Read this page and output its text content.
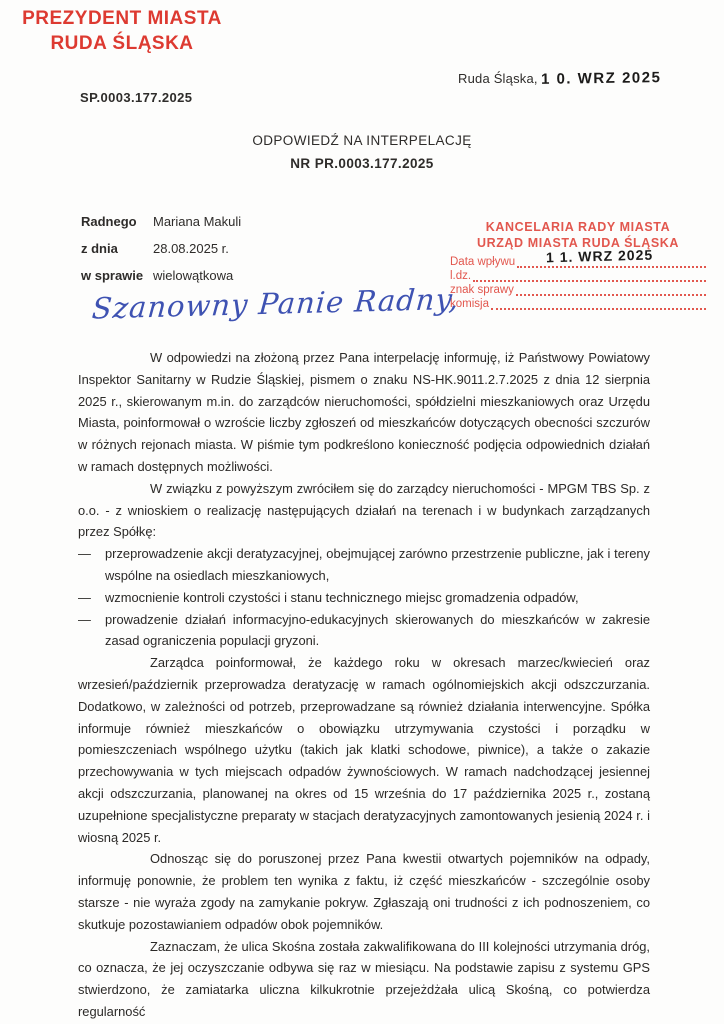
PREZYDENT MIASTA
RUDA ŚLĄSKA
Ruda Śląska, 1 0. WRZ 2025
SP.0003.177.2025
ODPOWIEDŹ NA INTERPELACJĘ
NR PR.0003.177.2025
Radnego	Mariana Makuli
z dnia	28.08.2025 r.
w sprawie wielowątkowa
KANCELARIA RADY MIASTA
URZĄD MIASTA RUDA ŚLĄSKA
Data wpływu
l.dz.
znak sprawy
komisja
1 1. WRZ 2025
Szanowny Panie Radny,

W odpowiedzi na złożoną przez Pana interpelację informuję, iż Państwowy Powiatowy Inspektor Sanitarny w Rudzie Śląskiej, pismem o znaku NS-HK.9011.2.7.2025 z dnia 12 sierpnia 2025 r., skierowanym m.in. do zarządców nieruchomości, spółdzielni mieszkaniowych oraz Urzędu Miasta, poinformował o wzroście liczby zgłoszeń od mieszkańców dotyczących obecności szczurów w różnych rejonach miasta. W piśmie tym podkreślono konieczność podjęcia odpowiednich działań w ramach dostępnych możliwości.

W związku z powyższym zwróciłem się do zarządcy nieruchomości - MPGM TBS Sp. z o.o. - z wnioskiem o realizację następujących działań na terenach i w budynkach zarządzanych przez Spółkę:

— przeprowadzenie akcji deratyzacyjnej, obejmującej zarówno przestrzenie publiczne, jak i tereny wspólne na osiedlach mieszkaniowych,
— wzmocnienie kontroli czystości i stanu technicznego miejsc gromadzenia odpadów,
— prowadzenie działań informacyjno-edukacyjnych skierowanych do mieszkańców w zakresie zasad ograniczenia populacji gryzoni.

Zarządca poinformował, że każdego roku w okresach marzec/kwiecień oraz wrzesień/październik przeprowadza deratyzację w ramach ogólnomiejskich akcji odszczurzania. Dodatkowo, w zależności od potrzeb, przeprowadzane są również działania interwencyjne. Spółka informuje również mieszkańców o obowiązku utrzymywania czystości i porządku w pomieszczeniach wspólnego użytku (takich jak klatki schodowe, piwnice), a także o zakazie przechowywania w tych miejscach odpadów żywnościowych. W ramach nadchodzącej jesiennej akcji odszczurzania, planowanej na okres od 15 września do 17 października 2025 r., zostaną uzupełnione specjalistyczne preparaty w stacjach deratyzacyjnych zamontowanych jesienią 2024 r. i wiosną 2025 r.

Odnosząc się do poruszonej przez Pana kwestii otwartych pojemników na odpady, informuję ponownie, że problem ten wynika z faktu, iż część mieszkańców - szczególnie osoby starsze - nie wyraża zgody na zamykanie pokryw. Zgłaszają oni trudności z ich podnoszeniem, co skutkuje pozostawianiem odpadów obok pojemników.

Zaznaczam, że ulica Skośna została zakwalifikowana do III kolejności utrzymania dróg, co oznacza, że jej oczyszczanie odbywa się raz w miesiącu. Na podstawie zapisu z systemu GPS stwierdzono, że zamiatarka uliczna kilkukrotnie przejeżdżała ulicą Skośną, co potwierdza regularność
